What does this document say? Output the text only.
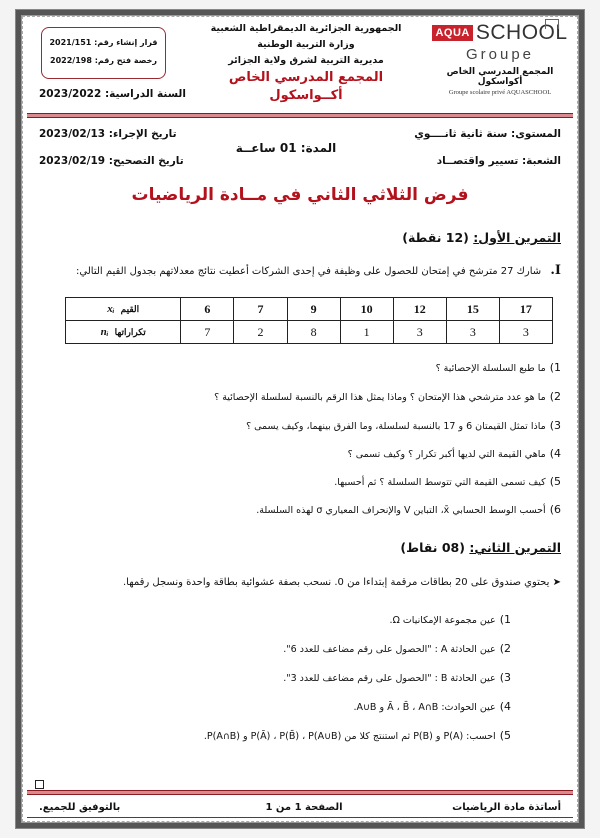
AQUA SCHOOL
Groupe
المجمع المدرسي الخاص أكواسكول
Groupe scolaire privé AQUASCHOOL
الجمهورية الجزائرية الديمقراطية الشعبية
وزارة التربية الوطنية
مديرية التربية لشرق ولاية الجزائر
المجمع المدرسي الخاص أكــواسكول
قرار إنشاء رقم: 2021/151
رخصة فتح رقم: 2022/198
السنة الدراسية: 2023/2022
المستوى: سنة ثانية ثانــــوي
تاريخ الإجراء: 2023/02/13
المدة: 01 ساعــة
الشعبة: تسيير واقتصــاد
تاريخ التصحيح: 2023/02/19
فرض الثلاثي الثاني في مــادة الرياضيات
التمرين الأول: (12 نقطة)
I. شارك 27 مترشح في إمتحان للحصول على وظيفة في إحدى الشركات أعطيت نتائج معدلاتهم بجدول القيم التالي:
xᵢ القيم	6	7	9	10	12	15	17
nᵢ تكراراتها	7	2	8	1	3	3	3
1)ما طبع السلسلة الإحصائية ؟
2)ما هو عدد مترشحي هذا الإمتحان ؟ وماذا يمثل هذا الرقم بالنسبة لسلسلة الإحصائية ؟
3)ماذا تمثل القيمتان 6 و 17 بالنسبة لسلسلة، وما الفرق بينهما، وكيف يسمى ؟
4)ماهي القيمة التي لديها أكبر تكرار ؟ وكيف تسمى ؟
5)كيف تسمى القيمة التي تتوسط السلسلة ؟ ثم أحسبها.
6)أحسب الوسط الحسابي x̄، التباين V والإنحراف المعياري σ لهذه السلسلة.
التمرين الثاني: (08 نقاط)
➤ يحتوي صندوق على 20 بطاقات مرقمة إبتداءا من 0. نسحب بصفة عشوائية بطاقة واحدة ونسجل رقمها.
1)عين مجموعة الإمكانيات Ω.
2)عين الحادثة A : "الحصول على رقم مضاعف للعدد 6".
3)عين الحادثة B : "الحصول على رقم مضاعف للعدد 3".
4)عين الحوادث: Ā ، B̄ ، A∩B و A∪B.
5)احسب: P(A) و P(B) ثم استنتج كلا من P(Ā) ، P(B̄) ، P(A∪B) و P(A∩B).
أساتذة مادة الرياضيات
الصفحة 1 من 1
بالتوفيق للجميع.
